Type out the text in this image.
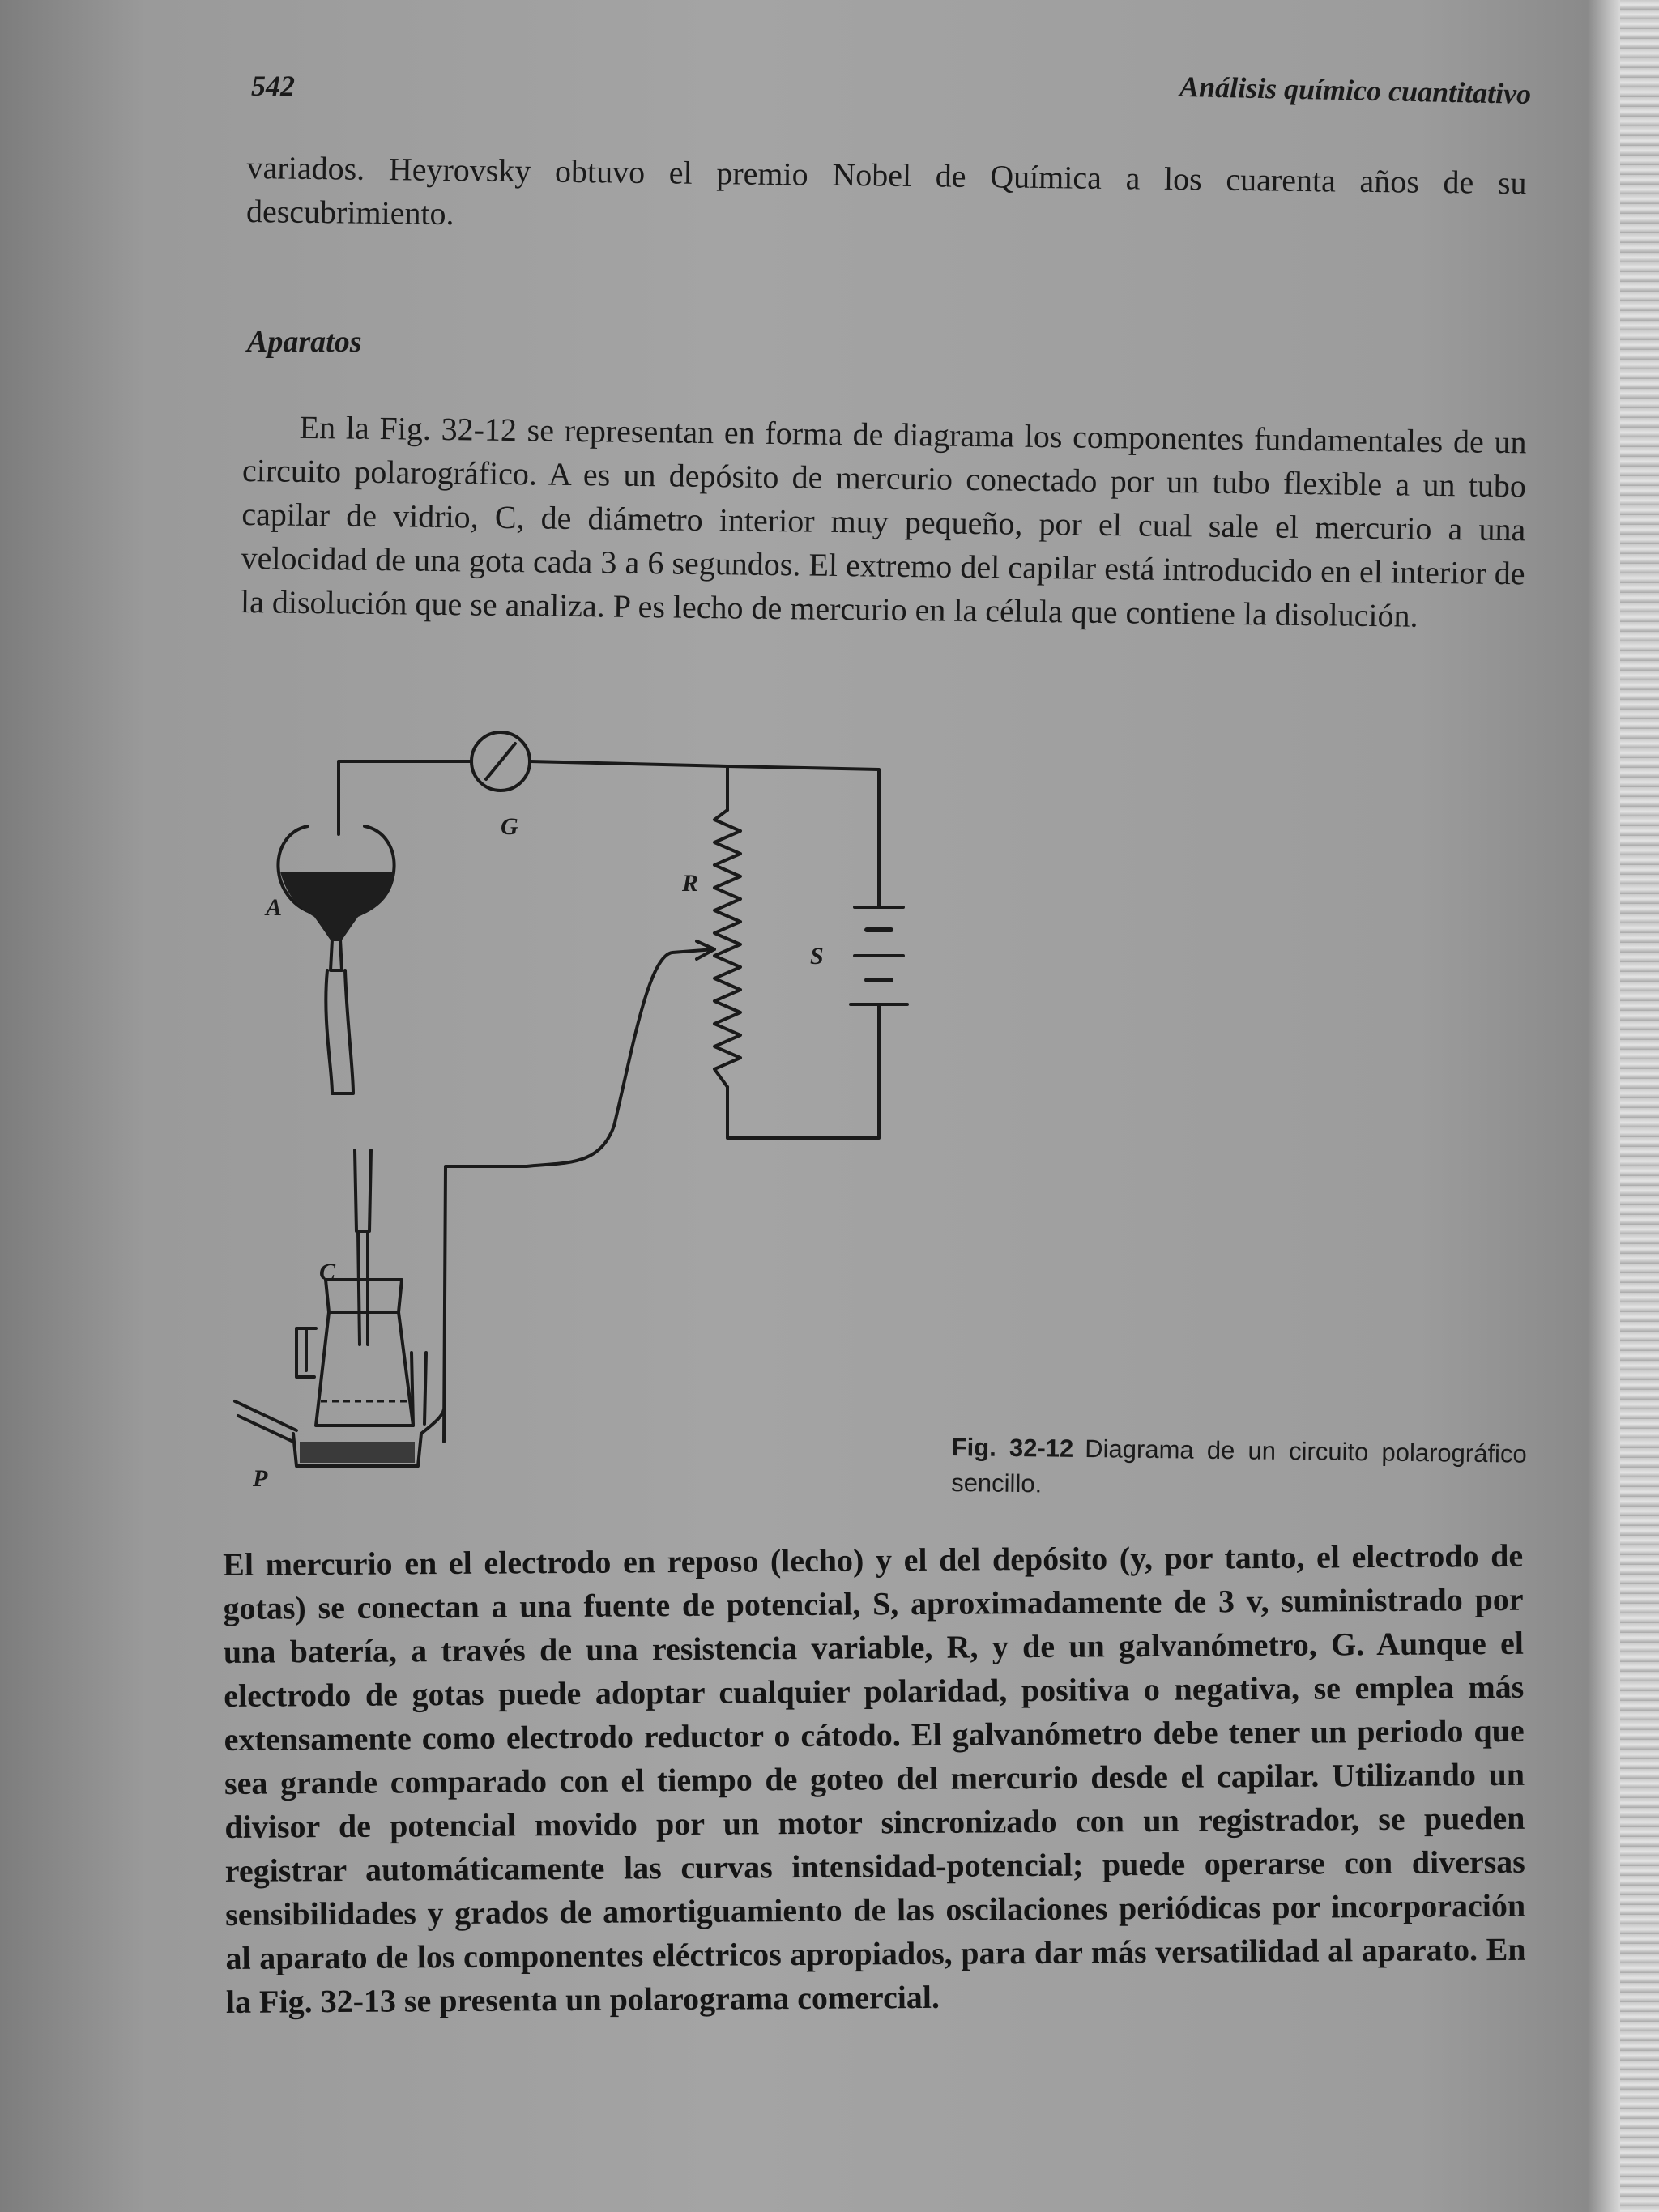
542	Análisis químico cuantitativo
variados. Heyrovsky obtuvo el premio Nobel de Química a los cuarenta años de su descubrimiento.
Aparatos
En la Fig. 32-12 se representan en forma de diagrama los componentes fundamentales de un circuito polarográfico. A es un depósito de mercurio conectado por un tubo flexible a un tubo capilar de vidrio, C, de diámetro interior muy pequeño, por el cual sale el mercurio a una velocidad de una gota cada 3 a 6 segundos. El extremo del capilar está introducido en el interior de la disolución que se analiza. P es lecho de mercurio en la célula que contiene la disolución.
A
G
R
S
C
P
Fig. 32-12 Diagrama de un circuito polarográfico sencillo.
El mercurio en el electrodo en reposo (lecho) y el del depósito (y, por tanto, el electrodo de gotas) se conectan a una fuente de potencial, S, aproximadamente de 3 v, suministrado por una batería, a través de una resistencia variable, R, y de un galvanómetro, G. Aunque el electrodo de gotas puede adoptar cualquier polaridad, positiva o negativa, se emplea más extensamente como electrodo reductor o cátodo. El galvanómetro debe tener un periodo que sea grande comparado con el tiempo de goteo del mercurio desde el capilar. Utilizando un divisor de potencial movido por un motor sincronizado con un registrador, se pueden registrar automáticamente las curvas intensidad-potencial; puede operarse con diversas sensibilidades y grados de amortiguamiento de las oscilaciones periódicas por incorporación al aparato de los componentes eléctricos apropiados, para dar más versatilidad al aparato. En la Fig. 32-13 se presenta un polarograma comercial.
